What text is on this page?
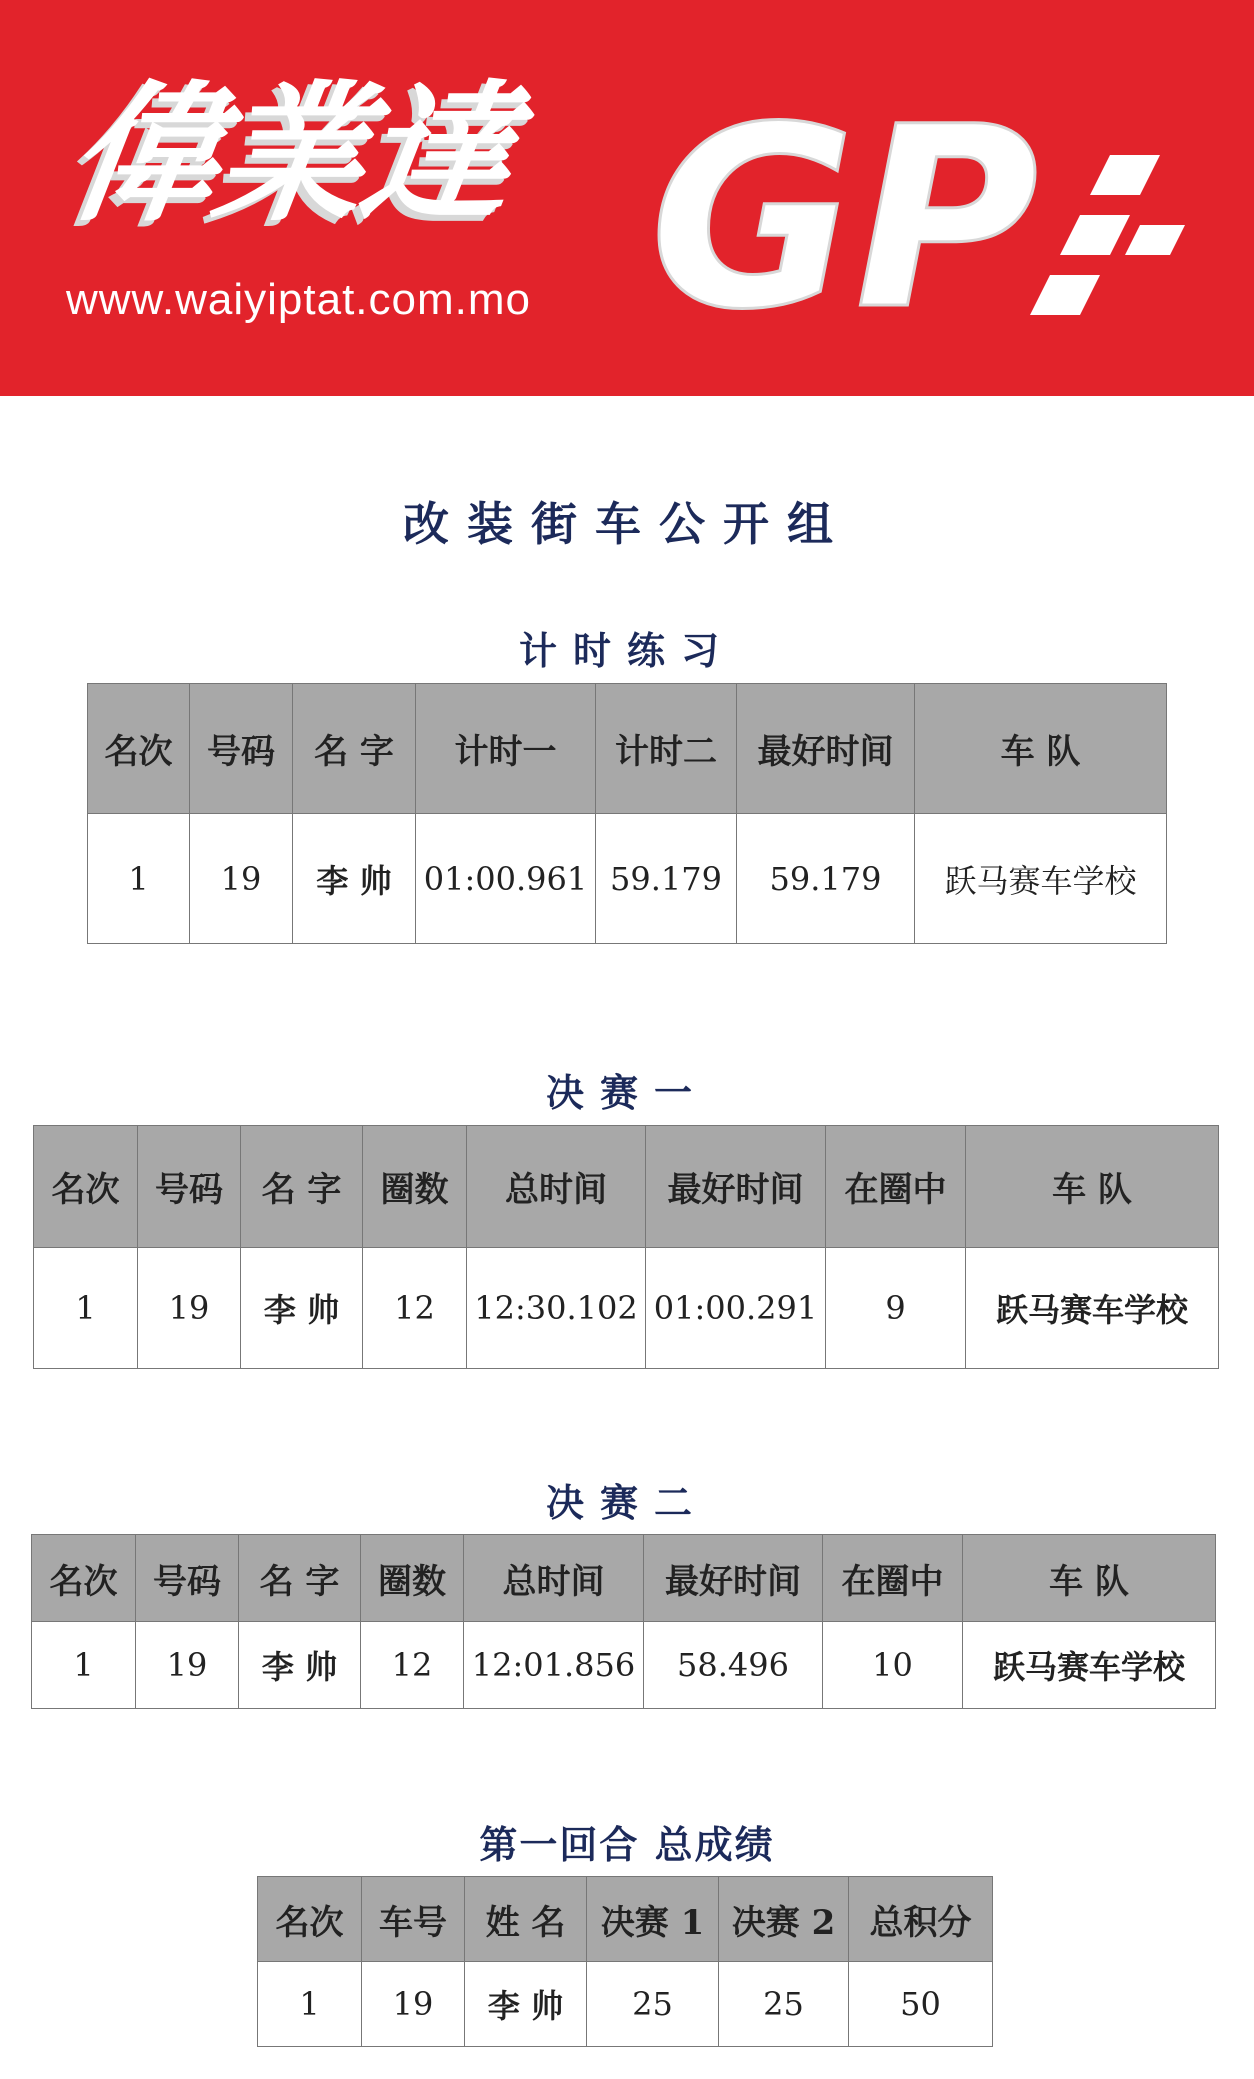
偉業達
www.waiyiptat.com.mo GP
改装街车公开组
计时练习
名次	号码	名 字	计时一	计时二	最好时间	车 队
1	19	李 帅	01:00.961	59.179	59.179	跃马赛车学校
决赛一
名次	号码	名 字	圈数	总时间	最好时间	在圈中	车 队
1	19	李 帅	12	12:30.102	01:00.291	9	跃马赛车学校
决赛二
名次	号码	名 字	圈数	总时间	最好时间	在圈中	车 队
1	19	李 帅	12	12:01.856	58.496	10	跃马赛车学校
第一回合 总成绩
名次	车号	姓 名	决赛 1	决赛 2	总积分
1	19	李 帅	25	25	50
